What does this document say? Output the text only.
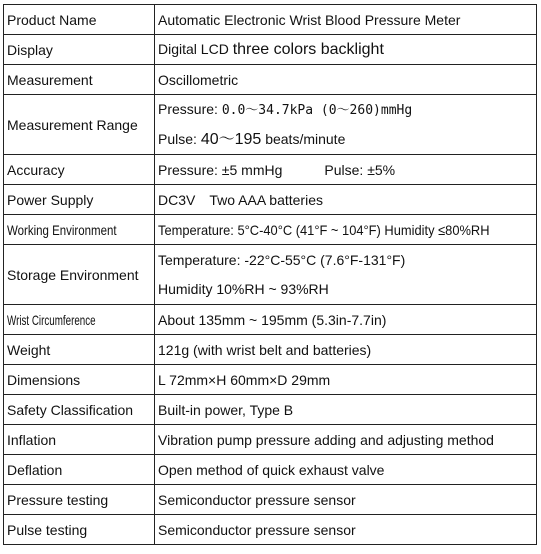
Product Name	Automatic Electronic Wrist Blood Pressure Meter
Display	Digital LCD three colors backlight
Measurement	Oscillometric
Measurement Range	Pressure: 0.0～34.7kPa (0～260)mmHg
Pulse: 40～195 beats/minute

Accuracy	Pressure: ±5 mmHg Pulse: ±5%
Power Supply	DC3V Two AAA batteries
Working Environment	Temperature: 5°C-40°C (41°F ~ 104°F) Humidity ≤80%RH
Storage Environment	Temperature: -22°C-55°C (7.6°F-131°F)
Humidity 10%RH ~ 93%RH

Wrist Circumference	About 135mm ~ 195mm (5.3in-7.7in)
Weight	121g (with wrist belt and batteries)
Dimensions	L 72mm×H 60mm×D 29mm
Safety Classification	Built-in power, Type B
Inflation	Vibration pump pressure adding and adjusting method
Deflation	Open method of quick exhaust valve
Pressure testing	Semiconductor pressure sensor
Pulse testing	Semiconductor pressure sensor
